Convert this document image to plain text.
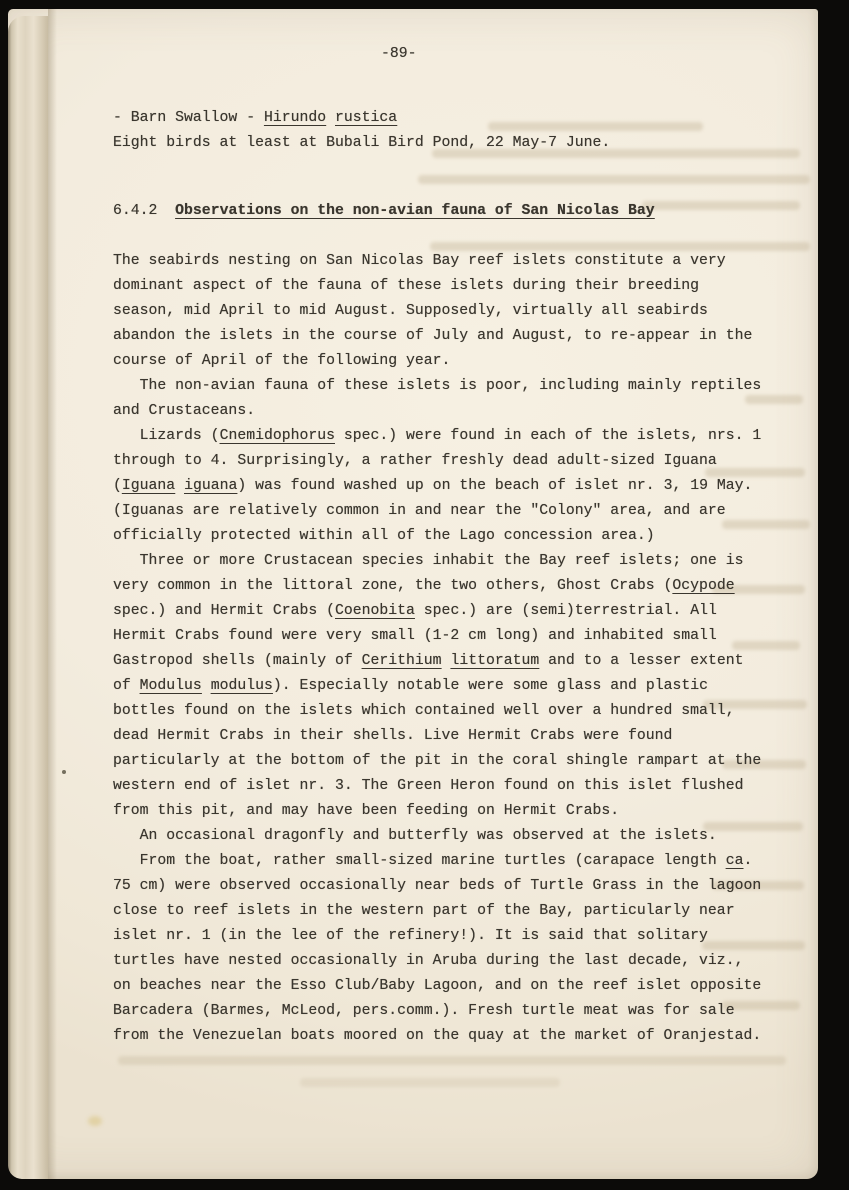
-89-
- Barn Swallow - Hirundo rustica
Eight birds at least at Bubali Bird Pond, 22 May-7 June.
6.4.2  Observations on the non-avian fauna of San Nicolas Bay
The seabirds nesting on San Nicolas Bay reef islets constitute a very
dominant aspect of the fauna of these islets during their breeding
season, mid April to mid August. Supposedly, virtually all seabirds
abandon the islets in the course of July and August, to re-appear in the
course of April of the following year.
The non-avian fauna of these islets is poor, including mainly reptiles
and Crustaceans.
Lizards (Cnemidophorus spec.) were found in each of the islets, nrs. 1
through to 4. Surprisingly, a rather freshly dead adult-sized Iguana
(Iguana iguana) was found washed up on the beach of islet nr. 3, 19 May.
(Iguanas are relatively common in and near the "Colony" area, and are
officially protected within all of the Lago concession area.)
Three or more Crustacean species inhabit the Bay reef islets; one is
very common in the littoral zone, the two others, Ghost Crabs (Ocypode
spec.) and Hermit Crabs (Coenobita spec.) are (semi)terrestrial. All
Hermit Crabs found were very small (1-2 cm long) and inhabited small
Gastropod shells (mainly of Cerithium littoratum and to a lesser extent
of Modulus modulus). Especially notable were some glass and plastic
bottles found on the islets which contained well over a hundred small,
dead Hermit Crabs in their shells. Live Hermit Crabs were found
particularly at the bottom of the pit in the coral shingle rampart at the
western end of islet nr. 3. The Green Heron found on this islet flushed
from this pit, and may have been feeding on Hermit Crabs.
An occasional dragonfly and butterfly was observed at the islets.
From the boat, rather small-sized marine turtles (carapace length ca.
75 cm) were observed occasionally near beds of Turtle Grass in the lagoon
close to reef islets in the western part of the Bay, particularly near
islet nr. 1 (in the lee of the refinery!). It is said that solitary
turtles have nested occasionally in Aruba during the last decade, viz.,
on beaches near the Esso Club/Baby Lagoon, and on the reef islet opposite
Barcadera (Barmes, McLeod, pers.comm.). Fresh turtle meat was for sale
from the Venezuelan boats moored on the quay at the market of Oranjestad.
